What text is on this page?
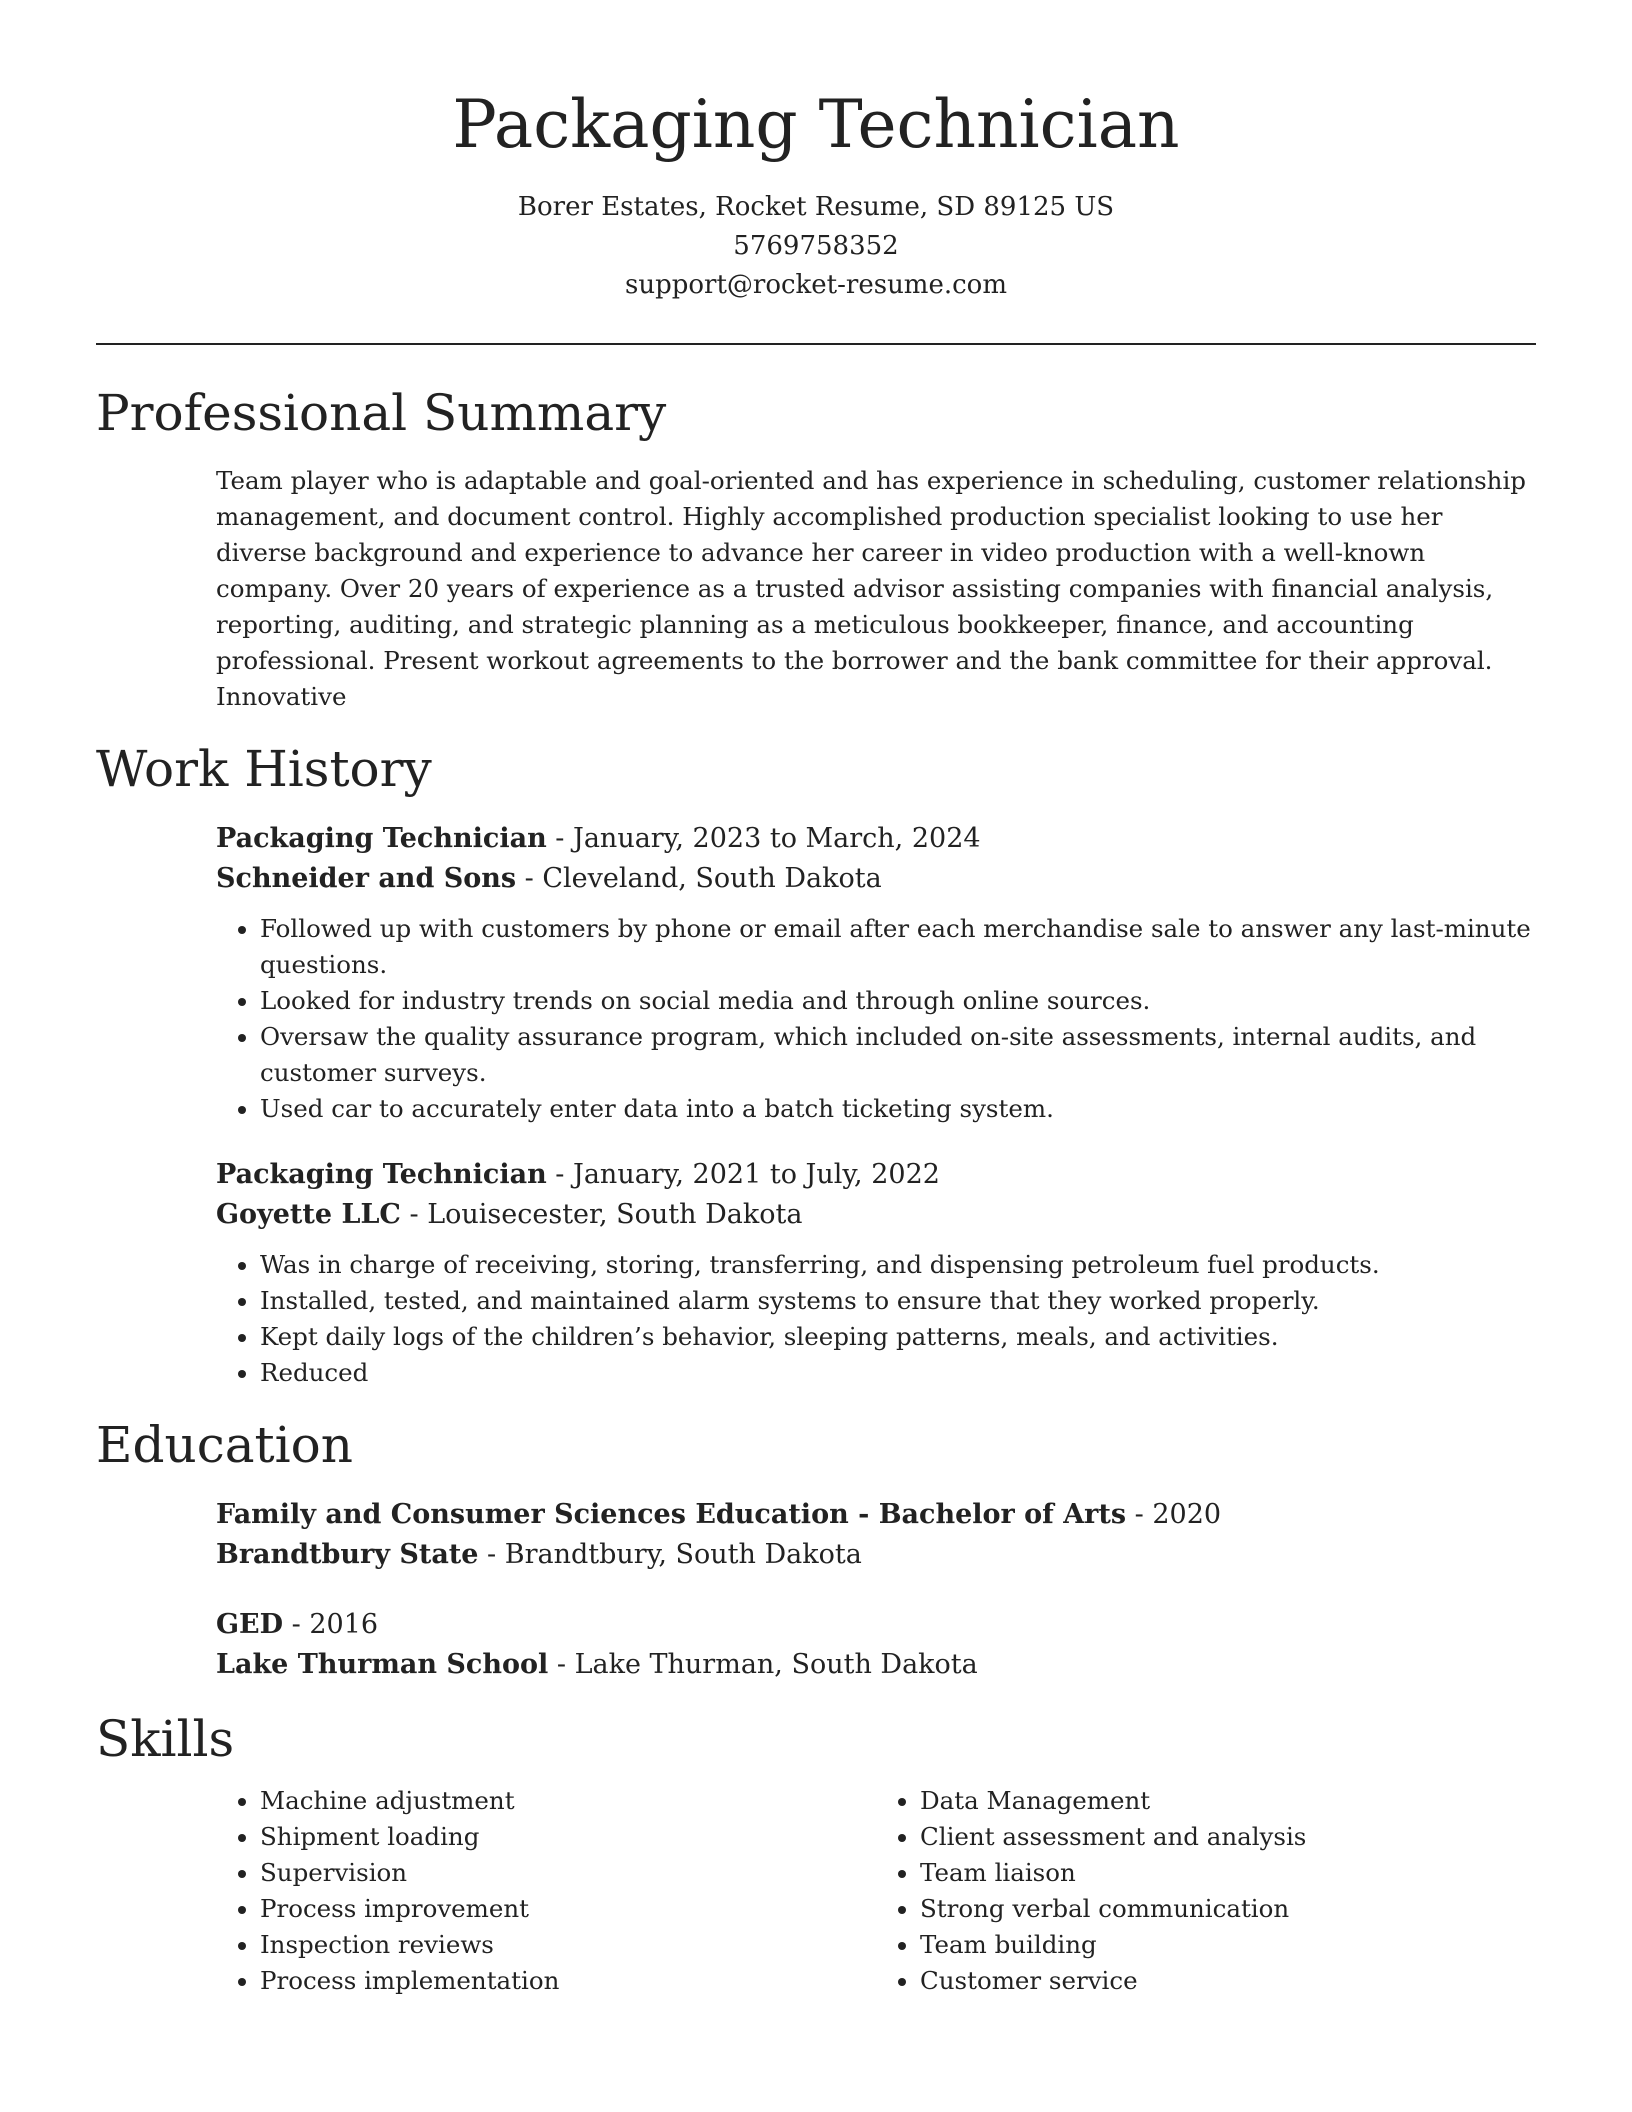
Packaging Technician

Borer Estates, Rocket Resume, SD 89125 US

5769758352

support@rocket-resume.com

Professional Summary

Team player who is adaptable and goal-oriented and has experience in scheduling, customer relationship management, and document control. Highly accomplished production specialist looking to use her diverse background and experience to advance her career in video production with a well-known company. Over 20 years of experience as a trusted advisor assisting companies with financial analysis, reporting, auditing, and strategic planning as a meticulous bookkeeper, finance, and accounting professional. Present workout agreements to the borrower and the bank committee for their approval. Innovative

Work History

Packaging Technician - January, 2023 to March, 2024

Schneider and Sons - Cleveland, South Dakota

• Followed up with customers by phone or email after each merchandise sale to answer any last-minute questions.
• Looked for industry trends on social media and through online sources.
• Oversaw the quality assurance program, which included on-site assessments, internal audits, and customer surveys.
• Used car to accurately enter data into a batch ticketing system.

Packaging Technician - January, 2021 to July, 2022

Goyette LLC - Louisecester, South Dakota

• Was in charge of receiving, storing, transferring, and dispensing petroleum fuel products.
• Installed, tested, and maintained alarm systems to ensure that they worked properly.
• Kept daily logs of the children’s behavior, sleeping patterns, meals, and activities.
• Reduced
Education

Family and Consumer Sciences Education - Bachelor of Arts - 2020

Brandtbury State - Brandtbury, South Dakota

GED - 2016

Lake Thurman School - Lake Thurman, South Dakota

Skills
• Machine adjustment
• Shipment loading
• Supervision
• Process improvement
• Inspection reviews
• Process implementation
• Data Management
• Client assessment and analysis
• Team liaison
• Strong verbal communication
• Team building
• Customer service
